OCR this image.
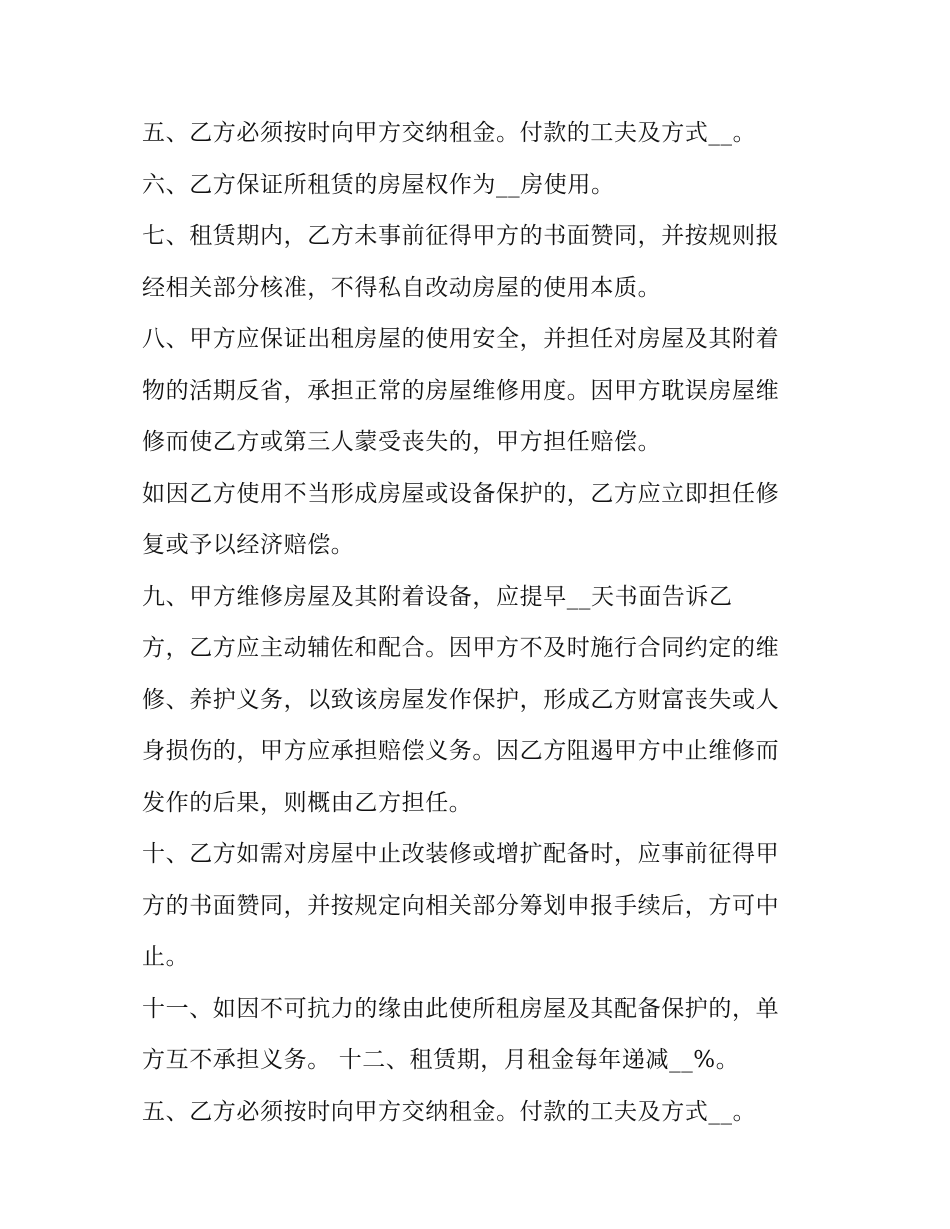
五、乙方必须按时向甲方交纳租金。付款的工夫及方式__。
六、乙方保证所租赁的房屋权作为__房使用。
七、租赁期内，乙方未事前征得甲方的书面赞同，并按规则报
经相关部分核准，不得私自改动房屋的使用本质。
八、甲方应保证出租房屋的使用安全，并担任对房屋及其附着
物的活期反省，承担正常的房屋维修用度。因甲方耽误房屋维
修而使乙方或第三人蒙受丧失的，甲方担任赔偿。
如因乙方使用不当形成房屋或设备保护的，乙方应立即担任修
复或予以经济赔偿。
九、甲方维修房屋及其附着设备，应提早__天书面告诉乙
方，乙方应主动辅佐和配合。因甲方不及时施行合同约定的维
修、养护义务，以致该房屋发作保护，形成乙方财富丧失或人
身损伤的，甲方应承担赔偿义务。因乙方阻遏甲方中止维修而
发作的后果，则概由乙方担任。
十、乙方如需对房屋中止改装修或增扩配备时，应事前征得甲
方的书面赞同，并按规定向相关部分筹划申报手续后，方可中
止。
十一、如因不可抗力的缘由此使所租房屋及其配备保护的，单
方互不承担义务。 十二、租赁期，月租金每年递减__%。
五、乙方必须按时向甲方交纳租金。付款的工夫及方式__。
